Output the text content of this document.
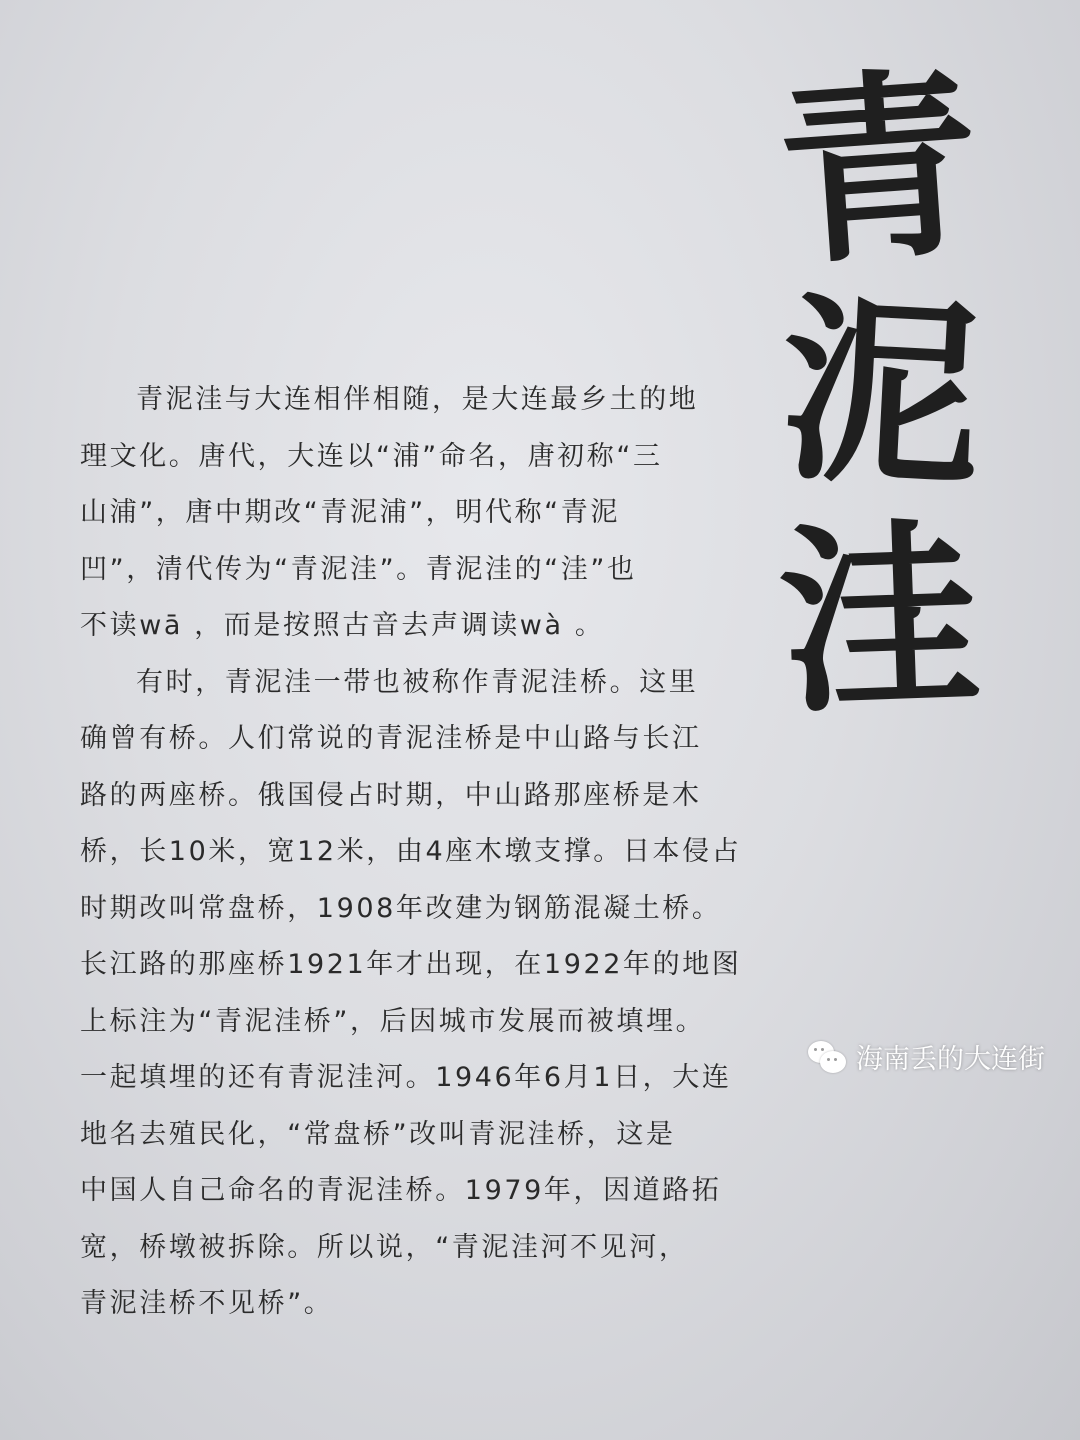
青
泥
洼
青泥洼与大连相伴相随，是大连最乡土的地
理文化。唐代，大连以“浦”命名，唐初称“三
山浦”，唐中期改“青泥浦”，明代称“青泥
凹”，清代传为“青泥洼”。青泥洼的“洼”也
不读wā ，而是按照古音去声调读wà 。
有时，青泥洼一带也被称作青泥洼桥。这里
确曾有桥。人们常说的青泥洼桥是中山路与长江
路的两座桥。俄国侵占时期，中山路那座桥是木
桥，长10米，宽12米，由4座木墩支撑。日本侵占
时期改叫常盘桥，1908年改建为钢筋混凝土桥。
长江路的那座桥1921年才出现，在1922年的地图
上标注为“青泥洼桥”，后因城市发展而被填埋。
一起填埋的还有青泥洼河。1946年6月1日，大连
地名去殖民化，“常盘桥”改叫青泥洼桥，这是
中国人自己命名的青泥洼桥。1979年，因道路拓
宽，桥墩被拆除。所以说，“青泥洼河不见河，
青泥洼桥不见桥”。
海南丢的大连街
